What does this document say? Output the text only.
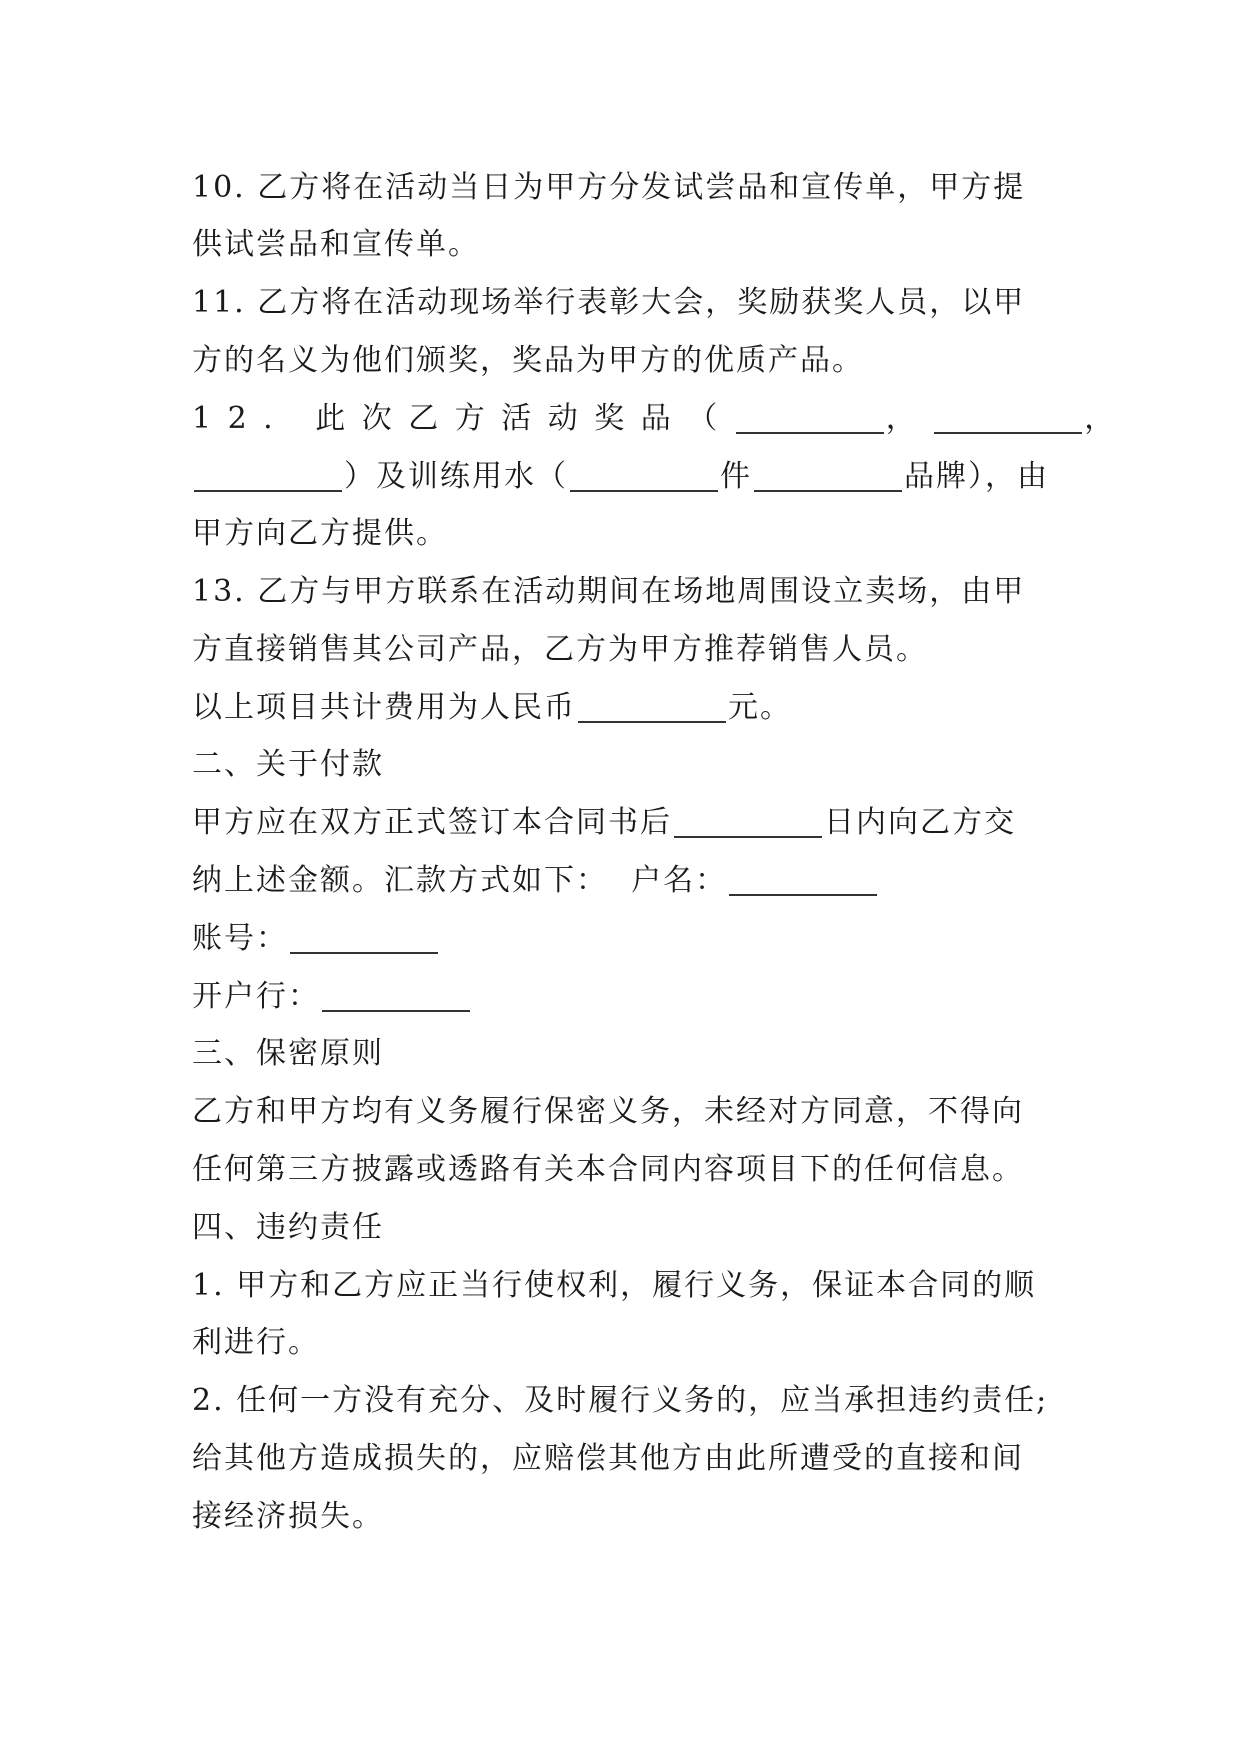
10. 乙方将在活动当日为甲方分发试尝品和宣传单，甲方提

供试尝品和宣传单。

11. 乙方将在活动现场举行表彰大会，奖励获奖人员，以甲

方的名义为他们颁奖，奖品为甲方的优质产品。

12. 此次乙方活动奖品（	，	，

）及训练用水（	件	品牌），由

甲方向乙方提供。

13. 乙方与甲方联系在活动期间在场地周围设立卖场，由甲

方直接销售其公司产品，乙方为甲方推荐销售人员。

以上项目共计费用为人民币	元。

二、关于付款

甲方应在双方正式签订本合同书后	日内向乙方交

纳上述金额。汇款方式如下：  户名：

账号：

开户行：

三、保密原则

乙方和甲方均有义务履行保密义务，未经对方同意，不得向

任何第三方披露或透路有关本合同内容项目下的任何信息。

四、违约责任

1. 甲方和乙方应正当行使权利，履行义务，保证本合同的顺

利进行。

2. 任何一方没有充分、及时履行义务的，应当承担违约责任;

给其他方造成损失的，应赔偿其他方由此所遭受的直接和间

接经济损失。
